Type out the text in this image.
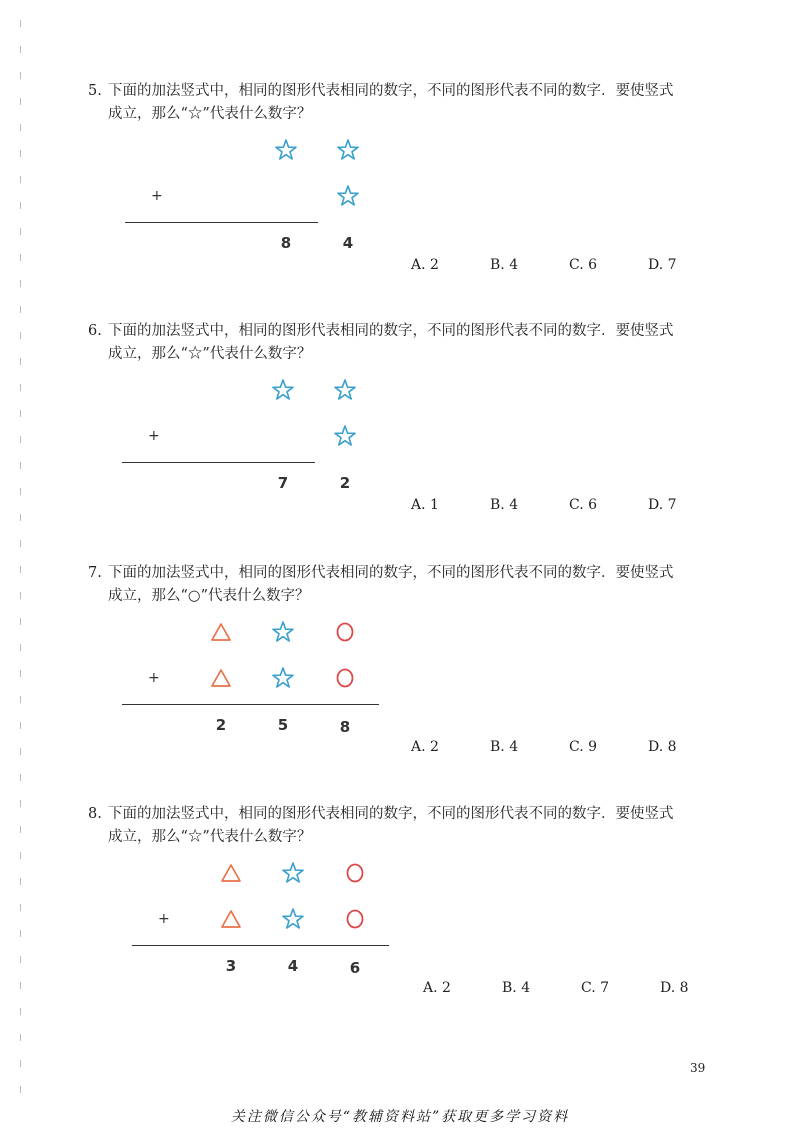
5. 下面的加法竖式中，相同的图形代表相同的数字，不同的图形代表不同的数字．要使竖式
成立，那么“☆”代表什么数字？
+
8	4
A. 2	B. 4	C. 6	D. 7
6. 下面的加法竖式中，相同的图形代表相同的数字，不同的图形代表不同的数字．要使竖式
成立，那么“☆”代表什么数字？
+
7	2
A. 1	B. 4	C. 6	D. 7
7. 下面的加法竖式中，相同的图形代表相同的数字，不同的图形代表不同的数字．要使竖式
成立，那么“○”代表什么数字？
+
2	5	8
A. 2	B. 4	C. 9	D. 8
8. 下面的加法竖式中，相同的图形代表相同的数字，不同的图形代表不同的数字．要使竖式
成立，那么“☆”代表什么数字？
+
3	4	6
A. 2	B. 4	C. 7	D. 8
39
关注微信公众号“教辅资料站”获取更多学习资料
